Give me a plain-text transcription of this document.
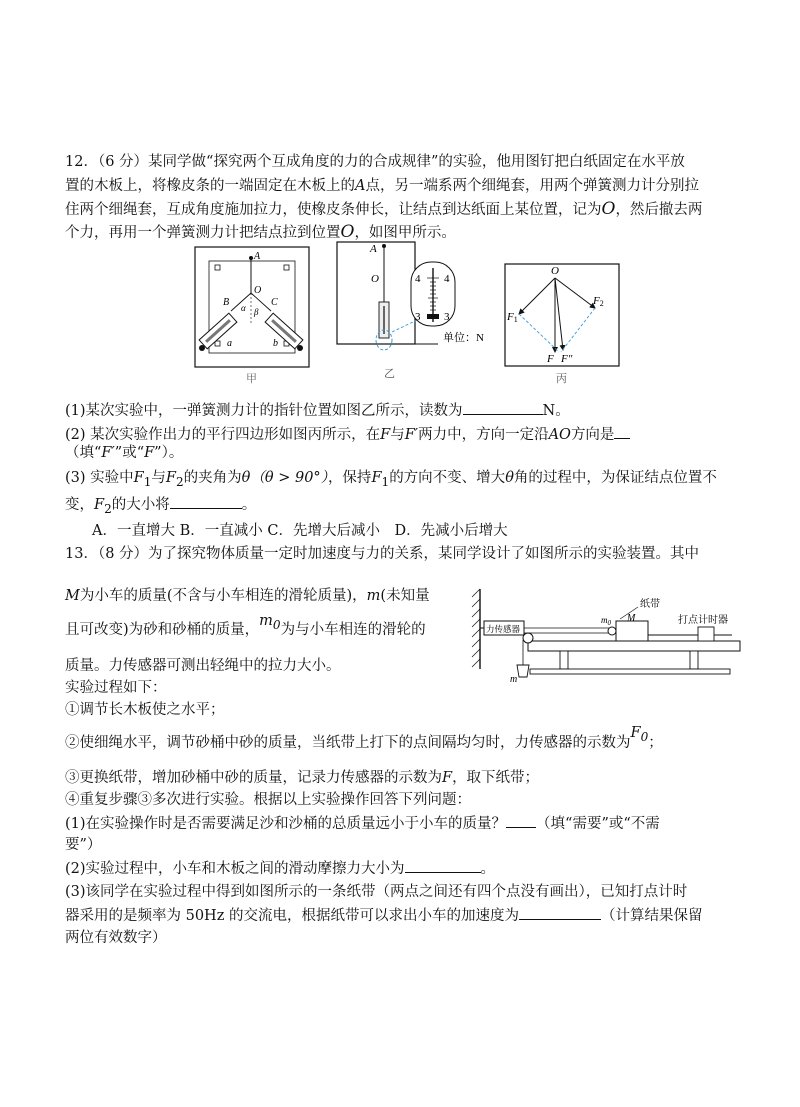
12．（6 分）某同学做“探究两个互成角度的力的合成规律”的实验，他用图钉把白纸固定在水平放
置的木板上，将橡皮条的一端固定在木板上的A点，另一端系两个细绳套，用两个弹簧测力计分别拉
住两个细绳套，互成角度施加拉力，使橡皮条伸长，让结点到达纸面上某位置，记为O，然后撤去两
个力，再用一个弹簧测力计把结点拉到位置O，如图甲所示。
A
O
B	C
α β
a	b
甲
A
O	4 4
3 3
单位：N
乙
O
F1
F2
F F″
丙
(1)某次实验中，一弹簧测力计的指针位置如图乙所示，读数为	N。
(2) 某次实验作出力的平行四边形如图丙所示，在F与F′两力中，方向一定沿AO方向是
（填“F′”或“F”）。
(3) 实验中$F_1$与$F_2$的夹角为θ（θ > 90°），保持$F_1$的方向不变、增大θ角的过程中，为保证结点位置不
变，$F_2$的大小将	。
A．一直增大 B．一直减小 C．先增大后减小　D．先减小后增大
13．（8 分）为了探究物体质量一定时加速度与力的关系，某同学设计了如图所示的实验装置。其中
M为小车的质量(不含与小车相连的滑轮质量)，m(未知量
且可改变)为砂和砂桶的质量，$m_0$为与小车相连的滑轮的
质量。力传感器可测出轻绳中的拉力大小。
力传感器
$m_0$ M
纸带
打点计时器
m
实验过程如下：
①调节长木板使之水平；
②使细绳水平，调节砂桶中砂的质量，当纸带上打下的点间隔均匀时，力传感器的示数为$F_0$；
③更换纸带，增加砂桶中砂的质量，记录力传感器的示数为F，取下纸带；
④重复步骤③多次进行实验。根据以上实验操作回答下列问题：
(1)在实验操作时是否需要满足沙和沙桶的总质量远小于小车的质量？ （填“需要”或“不需
要”）
(2)实验过程中，小车和木板之间的滑动摩擦力大小为	。
(3)该同学在实验过程中得到如图所示的一条纸带（两点之间还有四个点没有画出），已知打点计时
器采用的是频率为 50Hz 的交流电，根据纸带可以求出小车的加速度为	（计算结果保留
两位有效数字）
